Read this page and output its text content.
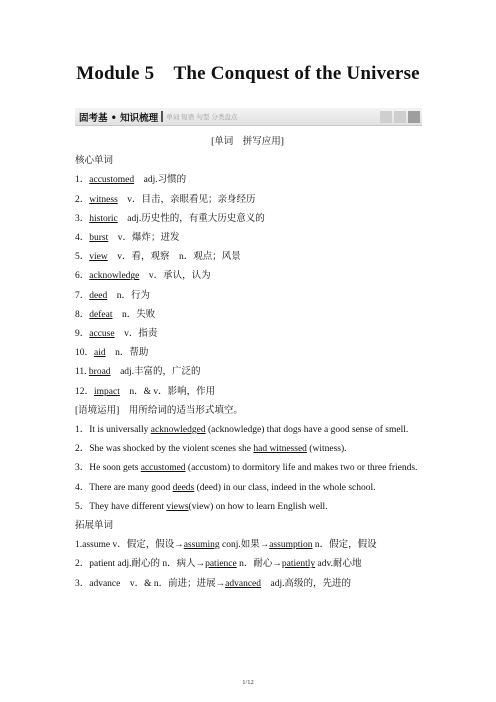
Module 5　The Conquest of the Universe
固考基 • 知识梳理 单词 短语 句型 分类盘点
[单词　拼写应用]
核心单词
1．accustomed　 adj.习惯的
2．witness　 v．目击，亲眼看见；亲身经历
3．historic　 adj.历史性的，有重大历史意义的
4．burst　 v．爆炸；迸发
5．view　 v．看，观察　n．观点；风景
6．acknowledge　 v．承认，认为
7．deed　 n．行为
8．defeat　 n．失败
9．accuse　 v．指责
10．aid　 n．帮助
11. broad　 adj.丰富的，广泛的
12．impact　 n．& v．影响，作用
[语境运用]　用所给词的适当形式填空。
1．It is universally acknowledged (acknowledge) that dogs have a good sense of smell.
2．She was shocked by the violent scenes she had witnessed (witness).
3．He soon gets accustomed (accustom) to dormitory life and makes two or three friends.
4．There are many good deeds (deed) in our class, indeed in the whole school.
5．They have different views(view) on how to learn English well.
拓展单词
1.assume v．假定，假设→assuming conj.如果→assumption n．假定，假设
2．patient adj.耐心的 n．病人→patience n．耐心→patiently adv.耐心地
3．advance　v．& n．前进；进展→advanced　adj.高级的，先进的
1/12
